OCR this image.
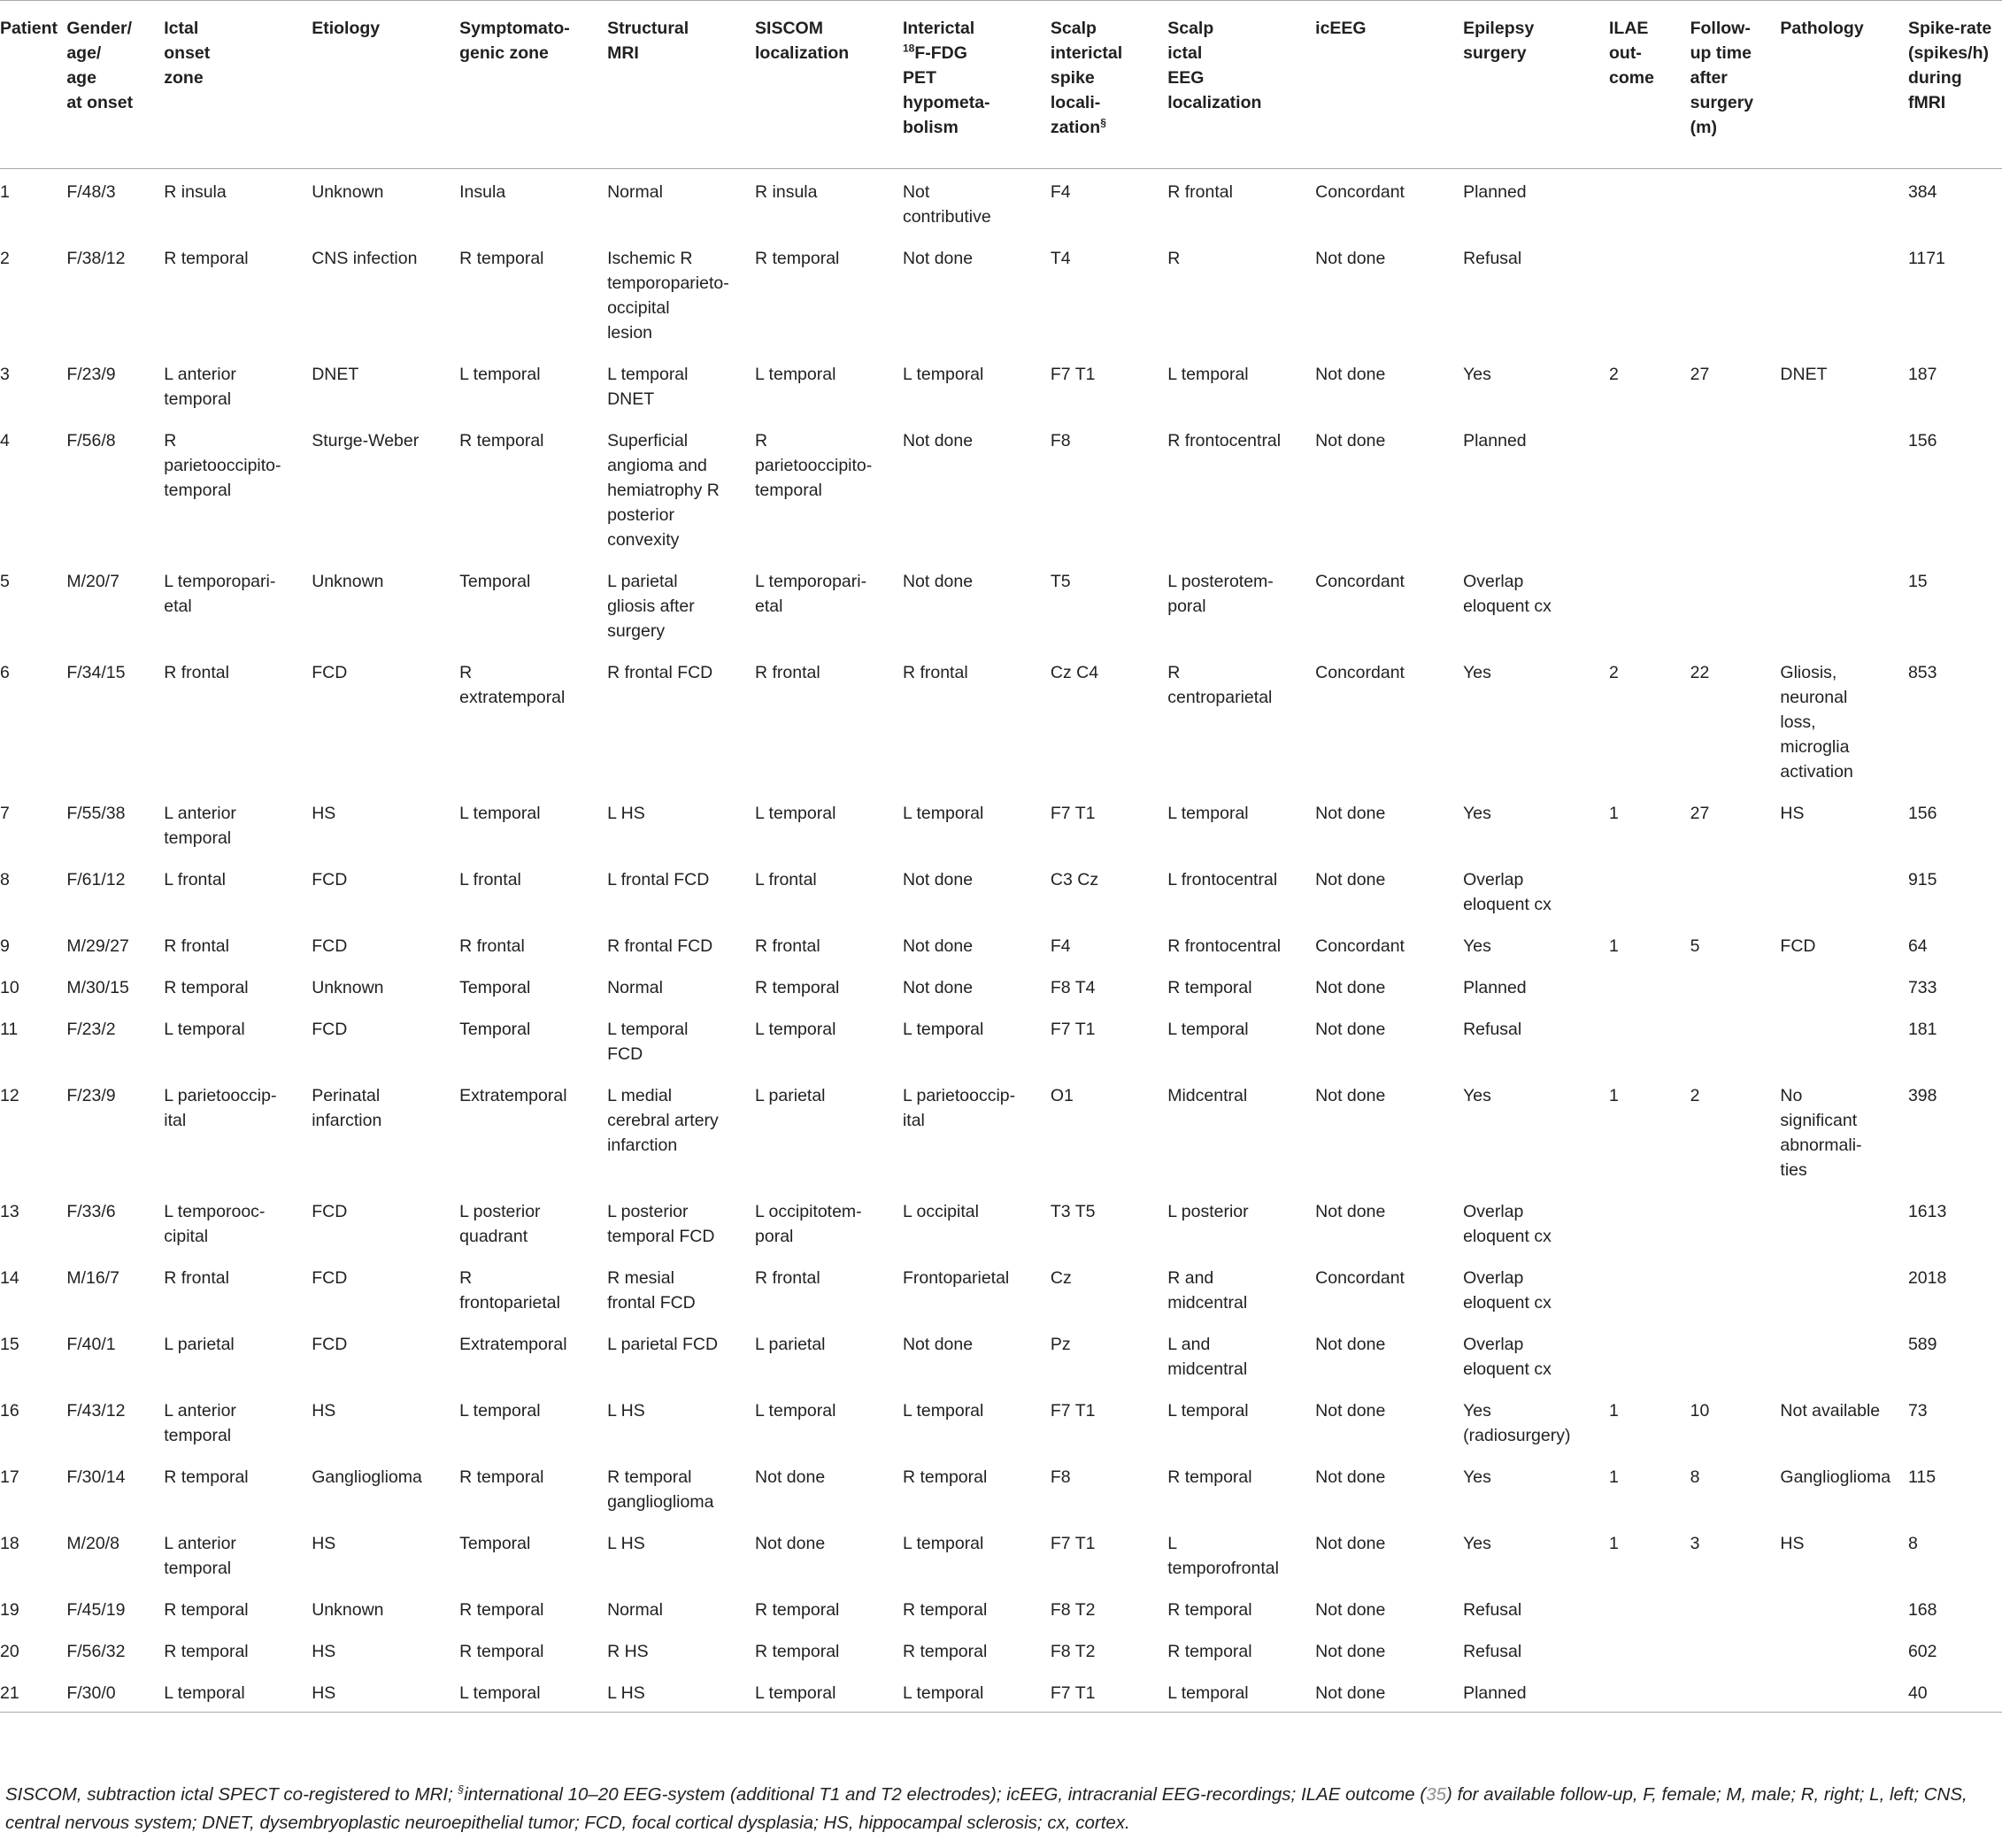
Patient	Gender/
age/
age
at onset	Ictal
onset
zone	Etiology	Symptomato-
genic zone	Structural
MRI	SISCOM
localization	Interictal
$^{18}$F-FDG
PET
hypometa-
bolism	Scalp
interictal
spike
locali-
zation§	Scalp
ictal
EEG
localization	icEEG	Epilepsy
surgery	ILAE
out-
come	Follow-
up time
after
surgery
(m)	Pathology	Spike-rate
(spikes/h)
during
fMRI
1	F/48/3	R insula	Unknown	Insula	Normal	R insula	Not
contributive	F4	R frontal	Concordant	Planned				384
2	F/38/12	R temporal	CNS infection	R temporal	Ischemic R
temporoparieto-
occipital
lesion	R temporal	Not done	T4	R	Not done	Refusal				1171
3	F/23/9	L anterior
temporal	DNET	L temporal	L temporal
DNET	L temporal	L temporal	F7 T1	L temporal	Not done	Yes	2	27	DNET	187
4	F/56/8	R
parietooccipito-
temporal	Sturge-Weber	R temporal	Superficial
angioma and
hemiatrophy R
posterior
convexity	R
parietooccipito-
temporal	Not done	F8	R frontocentral	Not done	Planned				156
5	M/20/7	L temporopari-
etal	Unknown	Temporal	L parietal
gliosis after
surgery	L temporopari-
etal	Not done	T5	L posterotem-
poral	Concordant	Overlap
eloquent cx				15
6	F/34/15	R frontal	FCD	R
extratemporal	R frontal FCD	R frontal	R frontal	Cz C4	R
centroparietal	Concordant	Yes	2	22	Gliosis,
neuronal
loss,
microglia
activation	853
7	F/55/38	L anterior
temporal	HS	L temporal	L HS	L temporal	L temporal	F7 T1	L temporal	Not done	Yes	1	27	HS	156
8	F/61/12	L frontal	FCD	L frontal	L frontal FCD	L frontal	Not done	C3 Cz	L frontocentral	Not done	Overlap
eloquent cx				915
9	M/29/27	R frontal	FCD	R frontal	R frontal FCD	R frontal	Not done	F4	R frontocentral	Concordant	Yes	1	5	FCD	64
10	M/30/15	R temporal	Unknown	Temporal	Normal	R temporal	Not done	F8 T4	R temporal	Not done	Planned				733
11	F/23/2	L temporal	FCD	Temporal	L temporal
FCD	L temporal	L temporal	F7 T1	L temporal	Not done	Refusal				181
12	F/23/9	L parietooccip-
ital	Perinatal
infarction	Extratemporal	L medial
cerebral artery
infarction	L parietal	L parietooccip-
ital	O1	Midcentral	Not done	Yes	1	2	No
significant
abnormali-
ties	398
13	F/33/6	L temporooc-
cipital	FCD	L posterior
quadrant	L posterior
temporal FCD	L occipitotem-
poral	L occipital	T3 T5	L posterior	Not done	Overlap
eloquent cx				1613
14	M/16/7	R frontal	FCD	R
frontoparietal	R mesial
frontal FCD	R frontal	Frontoparietal	Cz	R and
midcentral	Concordant	Overlap
eloquent cx				2018
15	F/40/1	L parietal	FCD	Extratemporal	L parietal FCD	L parietal	Not done	Pz	L and
midcentral	Not done	Overlap
eloquent cx				589
16	F/43/12	L anterior
temporal	HS	L temporal	L HS	L temporal	L temporal	F7 T1	L temporal	Not done	Yes
(radiosurgery)	1	10	Not available	73
17	F/30/14	R temporal	Ganglioglioma	R temporal	R temporal
ganglioglioma	Not done	R temporal	F8	R temporal	Not done	Yes	1	8	Ganglioglioma	115
18	M/20/8	L anterior
temporal	HS	Temporal	L HS	Not done	L temporal	F7 T1	L
temporofrontal	Not done	Yes	1	3	HS	8
19	F/45/19	R temporal	Unknown	R temporal	Normal	R temporal	R temporal	F8 T2	R temporal	Not done	Refusal				168
20	F/56/32	R temporal	HS	R temporal	R HS	R temporal	R temporal	F8 T2	R temporal	Not done	Refusal				602
21	F/30/0	L temporal	HS	L temporal	L HS	L temporal	L temporal	F7 T1	L temporal	Not done	Planned				40
SISCOM, subtraction ictal SPECT co-registered to MRI; §international 10–20 EEG-system (additional T1 and T2 electrodes); icEEG, intracranial EEG-recordings; ILAE outcome (35) for available follow-up, F, female; M, male; R, right; L, left; CNS, central nervous system; DNET, dysembryoplastic neuroepithelial tumor; FCD, focal cortical dysplasia; HS, hippocampal sclerosis; cx, cortex.
